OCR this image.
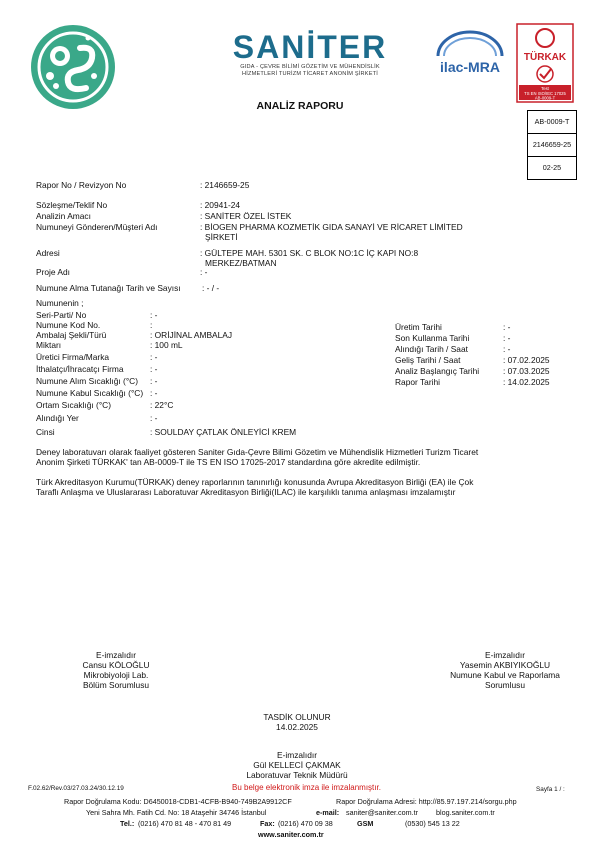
SANİTER
GIDA - ÇEVRE BİLİMİ GÖZETİM VE MÜHENDİSLİK
HİZMETLERİ TURİZM TİCARET ANONİM ŞİRKETİ	ilac-MRA
TÜRKAK
Test
TS EN ISO/IEC 17025
AB-0009-T
ANALİZ RAPORU
AB-0009-T
2146659-25
02-25
Rapor No / Revizyon No	: 2146659-25
Sözleşme/Teklif No	: 20941-24
Analizin Amacı	: SANİTER ÖZEL İSTEK
Numuneyi Gönderen/Müşteri Adı	: BİOGEN PHARMA KOZMETİK GIDA SANAYİ VE RİCARET LİMİTED
ŞİRKETİ
Adresi	: GÜLTEPE MAH. 5301 SK. C BLOK NO:1C İÇ KAPI NO:8
MERKEZ/BATMAN
Proje Adı	: -
Numune Alma Tutanağı Tarih ve Sayısı	: - / -
Numunenin ;
Seri-Parti/ No	: -
Numune Kod No.	:
Ambalaj Şekli/Türü	: ORİJİNAL AMBALAJ
Miktarı	: 100 mL
Üretici Firma/Marka	: -
İthalatçı/İhracatçı Firma	: -
Numune Alım Sıcaklığı (°C) : -
Numune Kabul Sıcaklığı (°C) : -
Ortam Sıcaklığı (°C)	: 22°C
Alındığı Yer	: -
Cinsi	: SOULDAY ÇATLAK ÖNLEYİCİ KREM
Üretim Tarihi	: -
Son Kullanma Tarihi	: -
Alındığı Tarih / Saat	: -
Geliş Tarihi / Saat	: 07.02.2025
Analiz Başlangıç Tarihi	: 07.03.2025
Rapor Tarihi	: 14.02.2025
Deney laboratuvarı olarak faaliyet gösteren Saniter Gıda-Çevre Bilimi Gözetim ve Mühendislik Hizmetleri Turizm Ticaret
Anonim Şirketi TÜRKAK' tan AB-0009-T ile TS EN ISO 17025-2017 standardına göre akredite edilmiştir.
Türk Akreditasyon Kurumu(TÜRKAK) deney raporlarının tanınırlığı konusunda Avrupa Akreditasyon Birliği (EA) ile Çok
Taraflı Anlaşma ve Uluslararası Laboratuvar Akreditasyon Birliği(ILAC) ile karşılıklı tanıma anlaşması imzalamıştır
E-imzalıdır
Cansu KÖLOĞLU
Mikrobiyoloji Lab.
Bölüm Sorumlusu
E-imzalıdır
Yasemin AKBIYIKOĞLU
Numune Kabul ve Raporlama
Sorumlusu
TASDİK OLUNUR
14.02.2025
E-imzalıdır
Gül KELLECİ ÇAKMAK
Laboratuvar Teknik Müdürü
F.02.62/Rev.03/27.03.24/30.12.19	Bu belge elektronik imza ile imzalanmıştır.	Sayfa 1 / :
Rapor Doğrulama Kodu: D6450018-CDB1-4CFB-B940-749B2A9912CF	Rapor Doğrulama Adresi: http://85.97.197.214/sorgu.php
Yeni Sahra Mh. Fatih Cd. No: 18 Ataşehir 34746 İstanbul	e-mail: saniter@saniter.com.tr blog.saniter.com.tr
Tel.: (0216) 470 81 48 - 470 81 49	Fax: (0216) 470 09 38	GSM	(0530) 545 13 22
www.saniter.com.tr
